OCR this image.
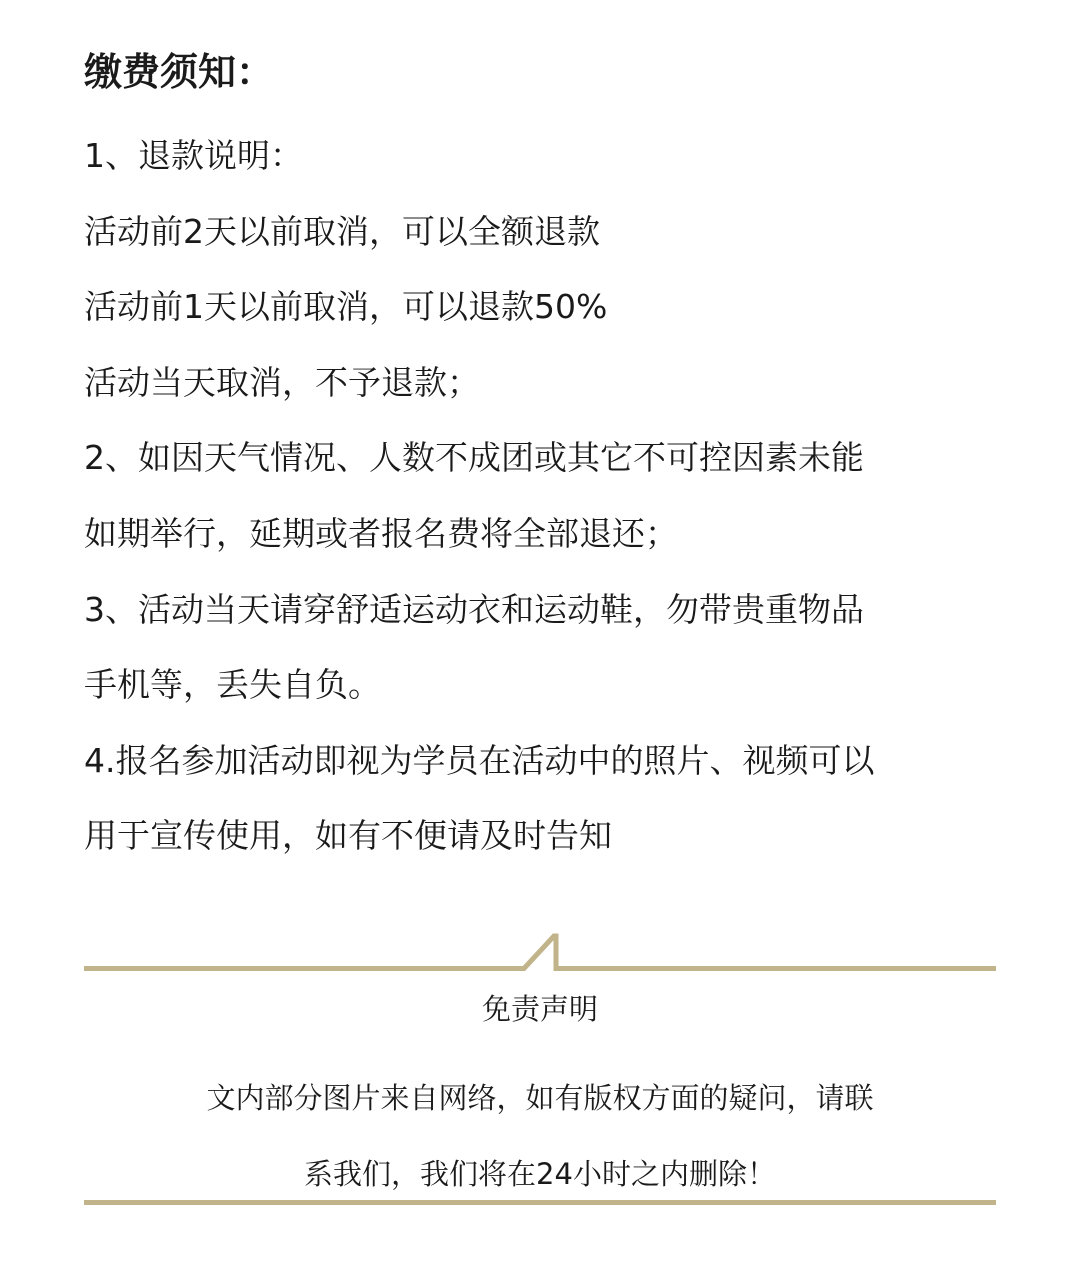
缴费须知：
1、退款说明：
活动前2天以前取消，可以全额退款
活动前1天以前取消，可以退款50%
活动当天取消，不予退款；
2、如因天气情况、人数不成团或其它不可控因素未能
如期举行，延期或者报名费将全部退还；
3、活动当天请穿舒适运动衣和运动鞋，勿带贵重物品
手机等，丢失自负。
4.报名参加活动即视为学员在活动中的照片、视频可以
用于宣传使用，如有不便请及时告知
免责声明
文内部分图片来自网络，如有版权方面的疑问，请联
系我们，我们将在24小时之内删除！
